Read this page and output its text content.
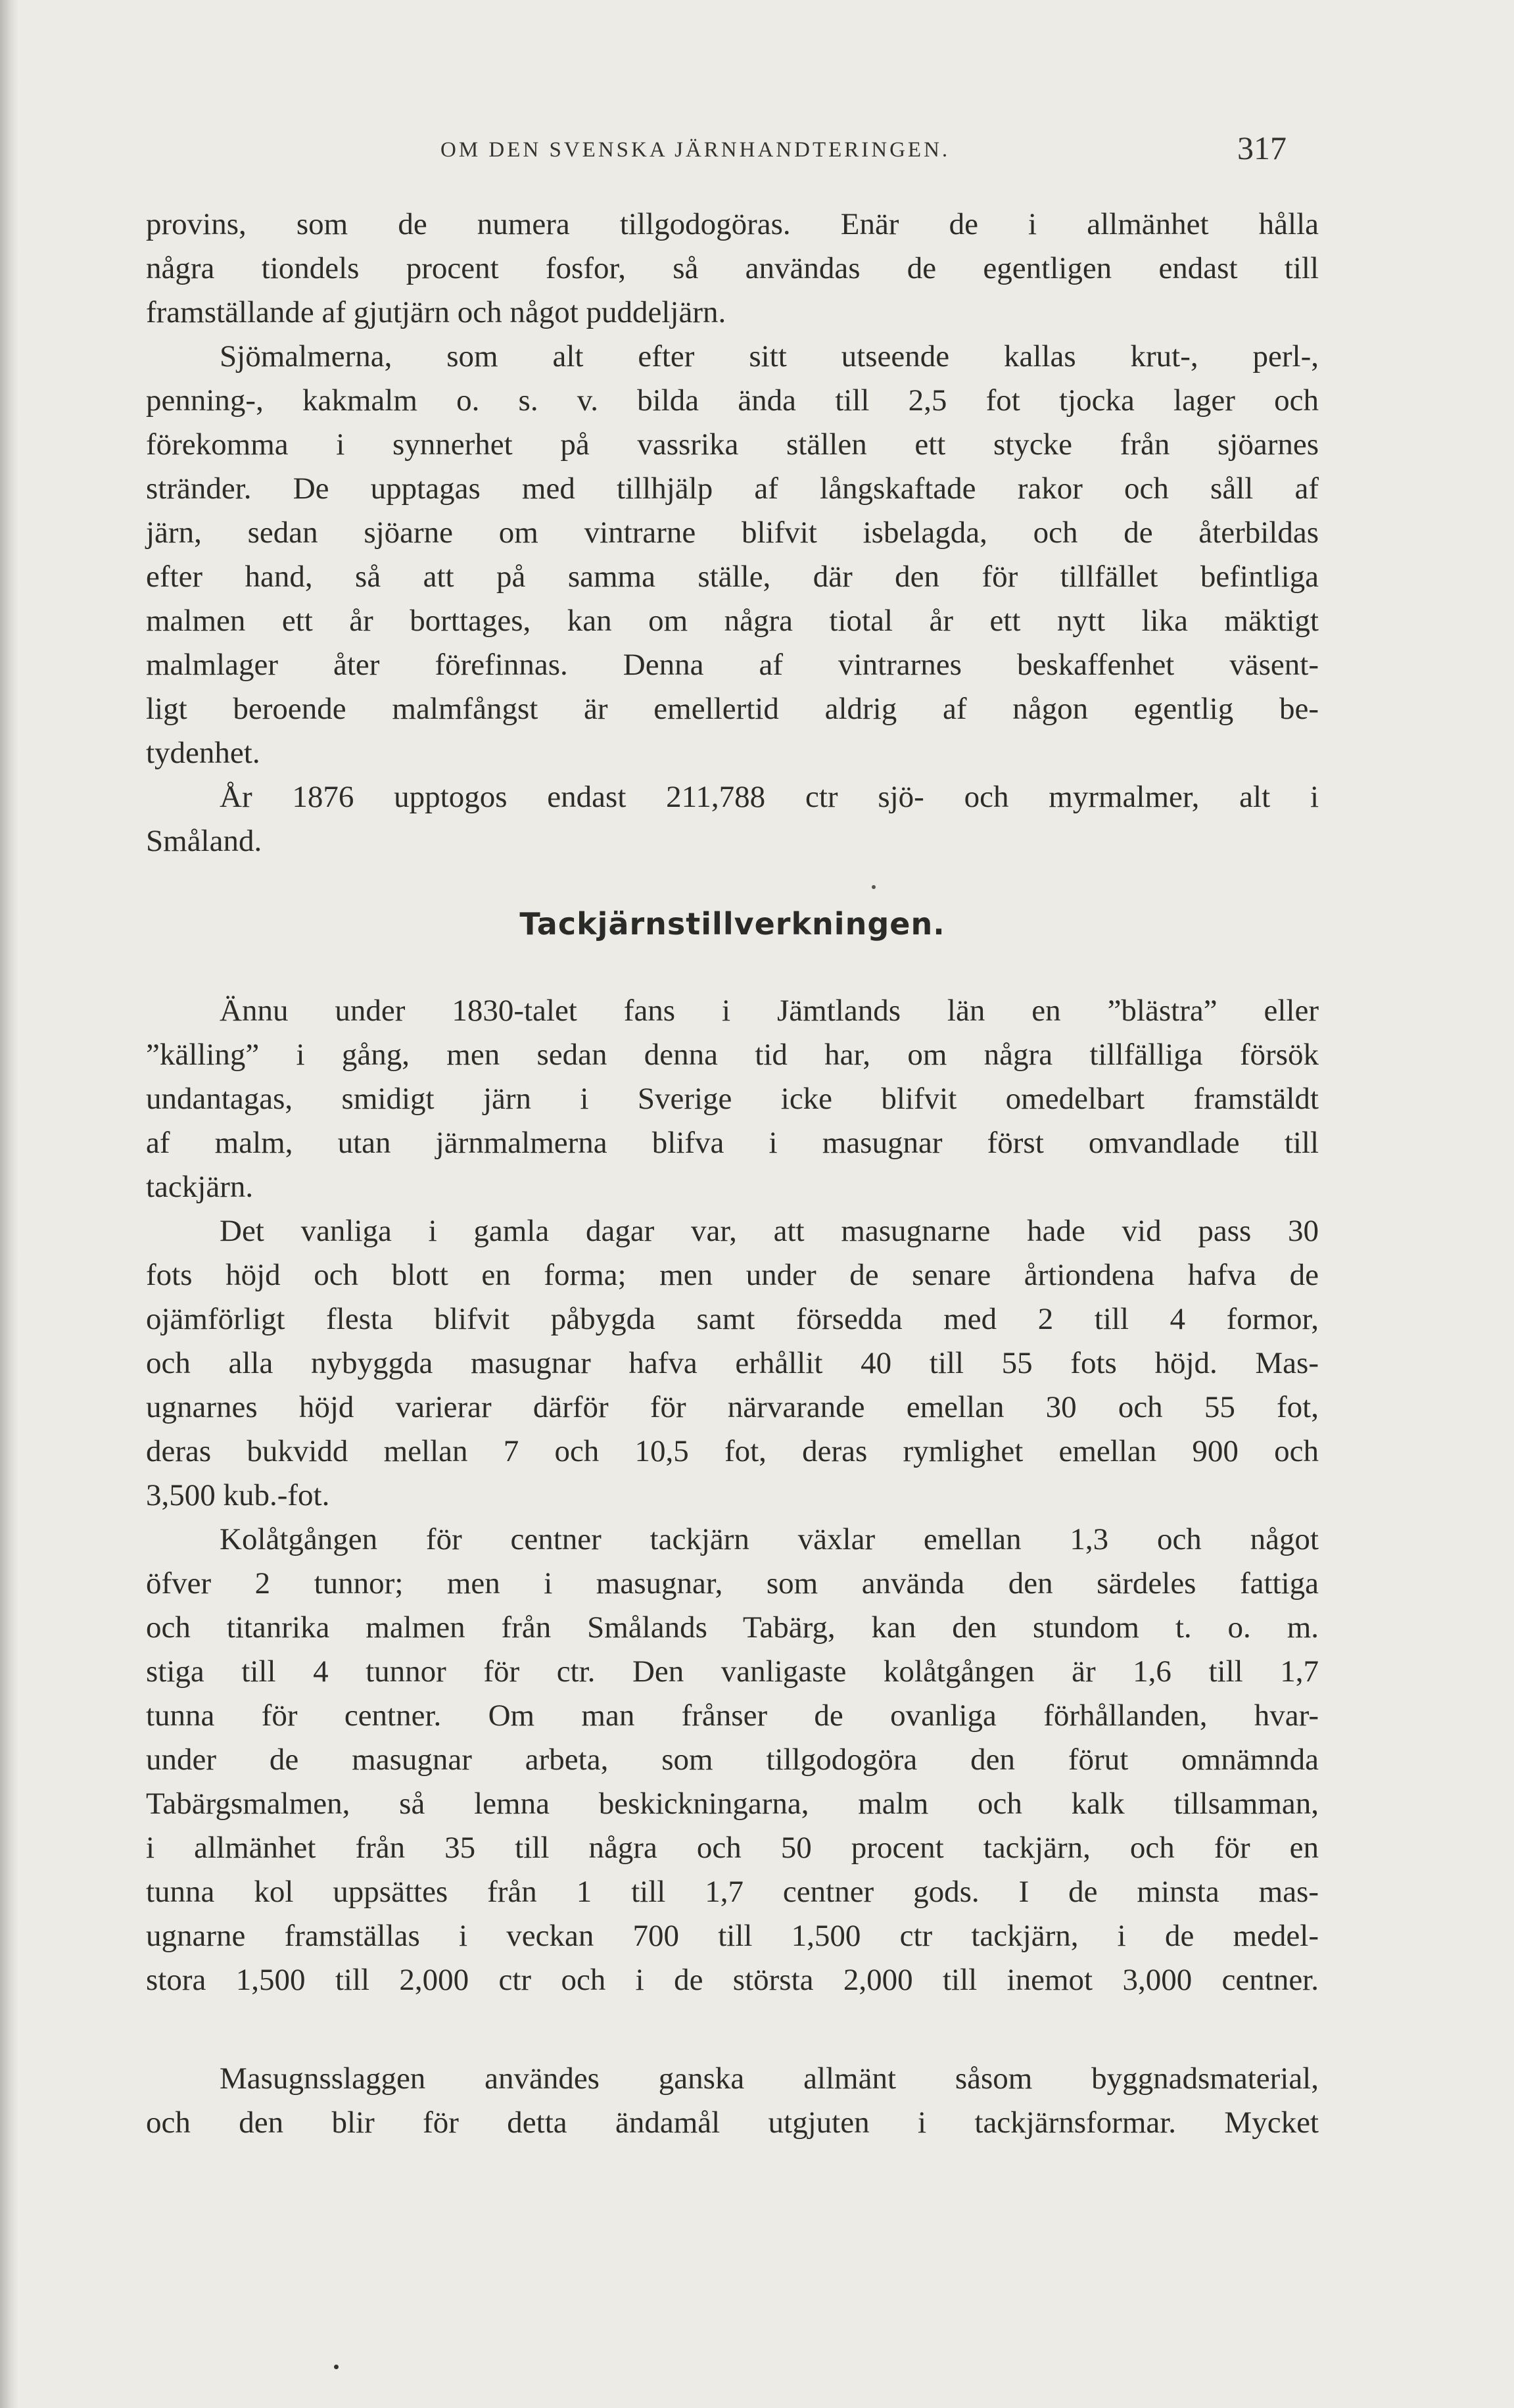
OM DEN SVENSKA JÄRNHANDTERINGEN.	317
provins, som de numera tillgodogöras. Enär de i allmänhet hålla
några tiondels procent fosfor, så användas de egentligen endast till
framställande af gjutjärn och något puddeljärn.
Sjömalmerna, som alt efter sitt utseende kallas krut-, perl-,
penning-, kakmalm o. s. v. bilda ända till 2,5 fot tjocka lager och
förekomma i synnerhet på vassrika ställen ett stycke från sjöarnes
stränder. De upptagas med tillhjälp af långskaftade rakor och såll af
järn, sedan sjöarne om vintrarne blifvit isbelagda, och de återbildas
efter hand, så att på samma ställe, där den för tillfället befintliga
malmen ett år borttages, kan om några tiotal år ett nytt lika mäktigt
malmlager åter förefinnas. Denna af vintrarnes beskaffenhet väsent-
ligt beroende malmfångst är emellertid aldrig af någon egentlig be-
tydenhet.
År 1876 upptogos endast 211,788 ctr sjö- och myrmalmer, alt i
Småland.
Tackjärnstillverkningen.
Ännu under 1830-talet fans i Jämtlands län en ”blästra” eller
”källing” i gång, men sedan denna tid har, om några tillfälliga försök
undantagas, smidigt järn i Sverige icke blifvit omedelbart framstäldt
af malm, utan järnmalmerna blifva i masugnar först omvandlade till
tackjärn.
Det vanliga i gamla dagar var, att masugnarne hade vid pass 30
fots höjd och blott en forma; men under de senare årtiondena hafva de
ojämförligt flesta blifvit påbygda samt försedda med 2 till 4 formor,
och alla nybyggda masugnar hafva erhållit 40 till 55 fots höjd. Mas-
ugnarnes höjd varierar därför för närvarande emellan 30 och 55 fot,
deras bukvidd mellan 7 och 10,5 fot, deras rymlighet emellan 900 och
3,500 kub.-fot.
Kolåtgången för centner tackjärn växlar emellan 1,3 och något
öfver 2 tunnor; men i masugnar, som använda den särdeles fattiga
och titanrika malmen från Smålands Tabärg, kan den stundom t. o. m.
stiga till 4 tunnor för ctr. Den vanligaste kolåtgången är 1,6 till 1,7
tunna för centner. Om man frånser de ovanliga förhållanden, hvar-
under de masugnar arbeta, som tillgodogöra den förut omnämnda
Tabärgsmalmen, så lemna beskickningarna, malm och kalk tillsamman,
i allmänhet från 35 till några och 50 procent tackjärn, och för en
tunna kol uppsättes från 1 till 1,7 centner gods. I de minsta mas-
ugnarne framställas i veckan 700 till 1,500 ctr tackjärn, i de medel-
stora 1,500 till 2,000 ctr och i de största 2,000 till inemot 3,000 centner.
Masugnsslaggen användes ganska allmänt såsom byggnadsmaterial,
och den blir för detta ändamål utgjuten i tackjärnsformar. Mycket
